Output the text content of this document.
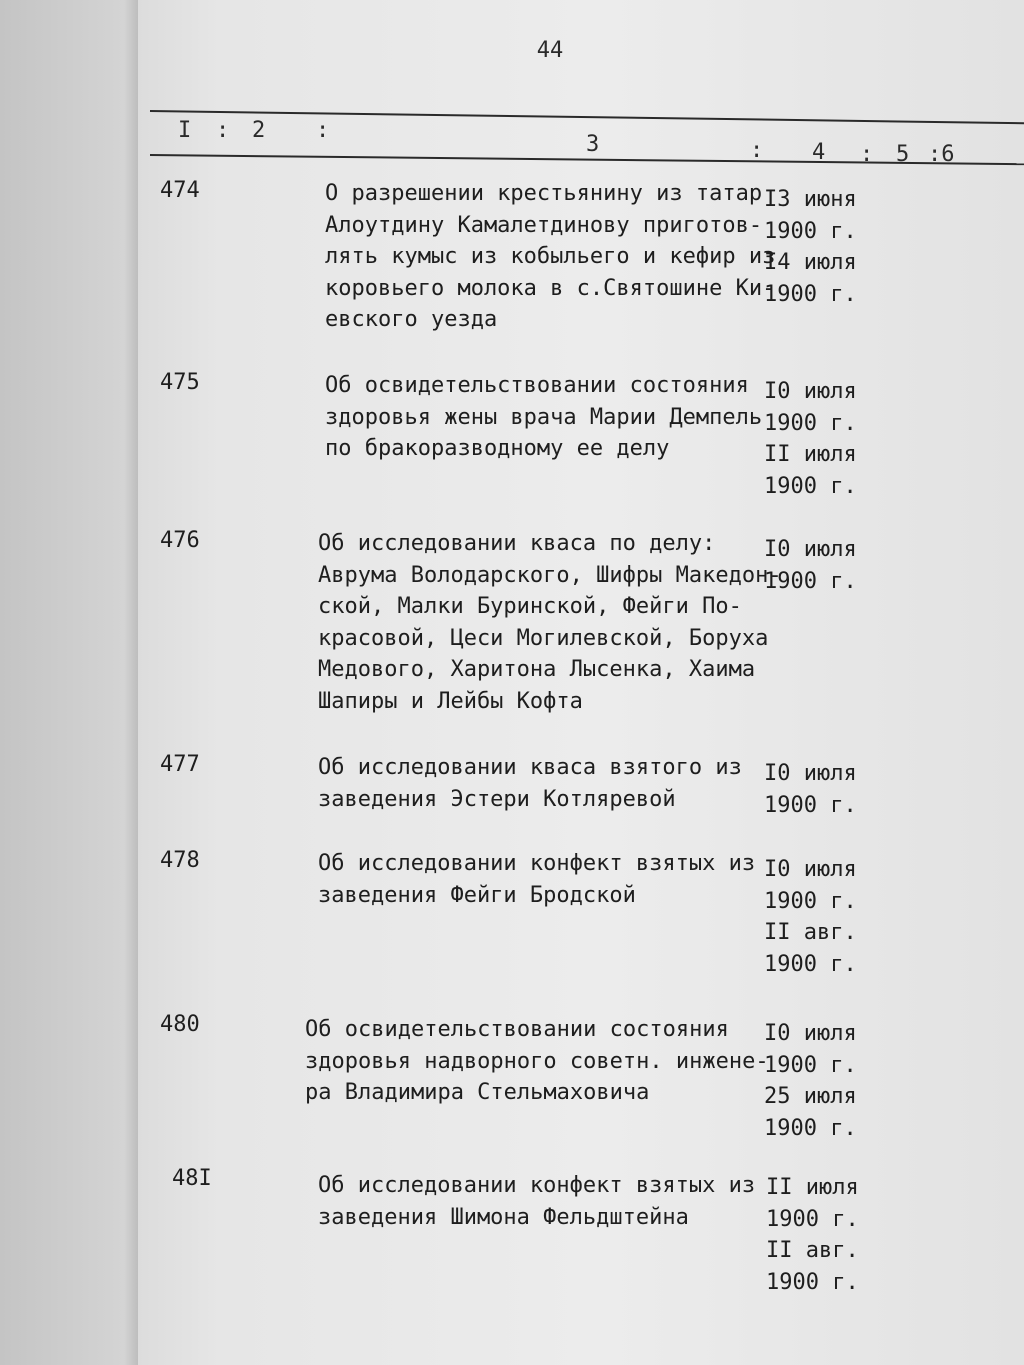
44
I : 2 :
3	: 4 : 5 :6
474	О разрешении крестьянину из татар
Алоутдину Камалетдинову приготов-
лять кумыс из кобыльего и кефир из
коровьего молока в с.Святошине Ки-
евского уезда
I3 июня
1900 г.
I4 июля
1900 г.
475	Об освидетельствовании состояния
здоровья жены врача Марии Демпель
по бракоразводному ее делу
I0 июля
1900 г.
II июля
1900 г.
476	Об исследовании кваса по делу:
Аврума Володарского, Шифры Македон-
ской, Малки Буринской, Фейги По-
красовой, Цеси Могилевской, Боруха
Медового, Харитона Лысенка, Хаима
Шапиры и Лейбы Кофта
I0 июля
1900 г.
477	Об исследовании кваса взятого из
заведения Эстери Котляревой
I0 июля
1900 г.
478	Об исследовании конфект взятых из
заведения Фейги Бродской
I0 июля
1900 г.
II авг.
1900 г.
480	Об освидетельствовании состояния
здоровья надворного советн. инжене-
ра Владимира Стельмаховича
I0 июля
1900 г.
25 июля
1900 г.
48I	Об исследовании конфект взятых из
заведения Шимона Фельдштейна
II июля
1900 г.
II авг.
1900 г.
